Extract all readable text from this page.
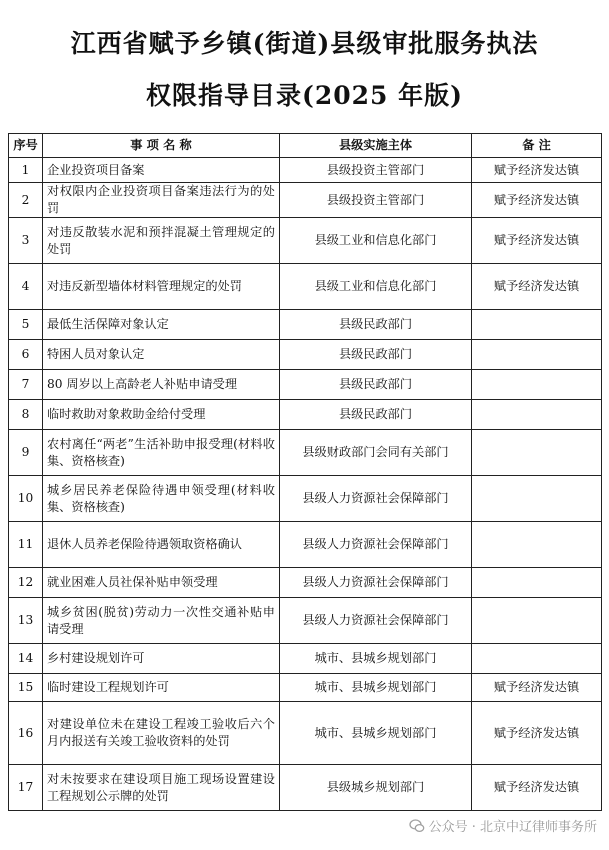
江西省赋予乡镇(街道)县级审批服务执法
权限指导目录(2025 年版)
序号	事 项 名 称	县级实施主体	备 注
1	企业投资项目备案	县级投资主管部门	赋予经济发达镇
2	对权限内企业投资项目备案违法行为的处罚	县级投资主管部门	赋予经济发达镇
3	对违反散装水泥和预拌混凝土管理规定的处罚	县级工业和信息化部门	赋予经济发达镇
4	对违反新型墙体材料管理规定的处罚	县级工业和信息化部门	赋予经济发达镇
5	最低生活保障对象认定	县级民政部门	
6	特困人员对象认定	县级民政部门	
7	80 周岁以上高龄老人补贴申请受理	县级民政部门	
8	临时救助对象救助金给付受理	县级民政部门	
9	农村离任“两老”生活补助申报受理(材料收集、资格核查)	县级财政部门会同有关部门	
10	城乡居民养老保险待遇申领受理(材料收集、资格核查)	县级人力资源社会保障部门	
11	退休人员养老保险待遇领取资格确认	县级人力资源社会保障部门	
12	就业困难人员社保补贴申领受理	县级人力资源社会保障部门	
13	城乡贫困(脱贫)劳动力一次性交通补贴申请受理	县级人力资源社会保障部门	
14	乡村建设规划许可	城市、县城乡规划部门	
15	临时建设工程规划许可	城市、县城乡规划部门	赋予经济发达镇
16	对建设单位未在建设工程竣工验收后六个月内报送有关竣工验收资料的处罚	城市、县城乡规划部门	赋予经济发达镇
17	对未按要求在建设项目施工现场设置建设工程规划公示牌的处罚	县级城乡规划部门	赋予经济发达镇
公众号 · 北京中辽律师事务所
